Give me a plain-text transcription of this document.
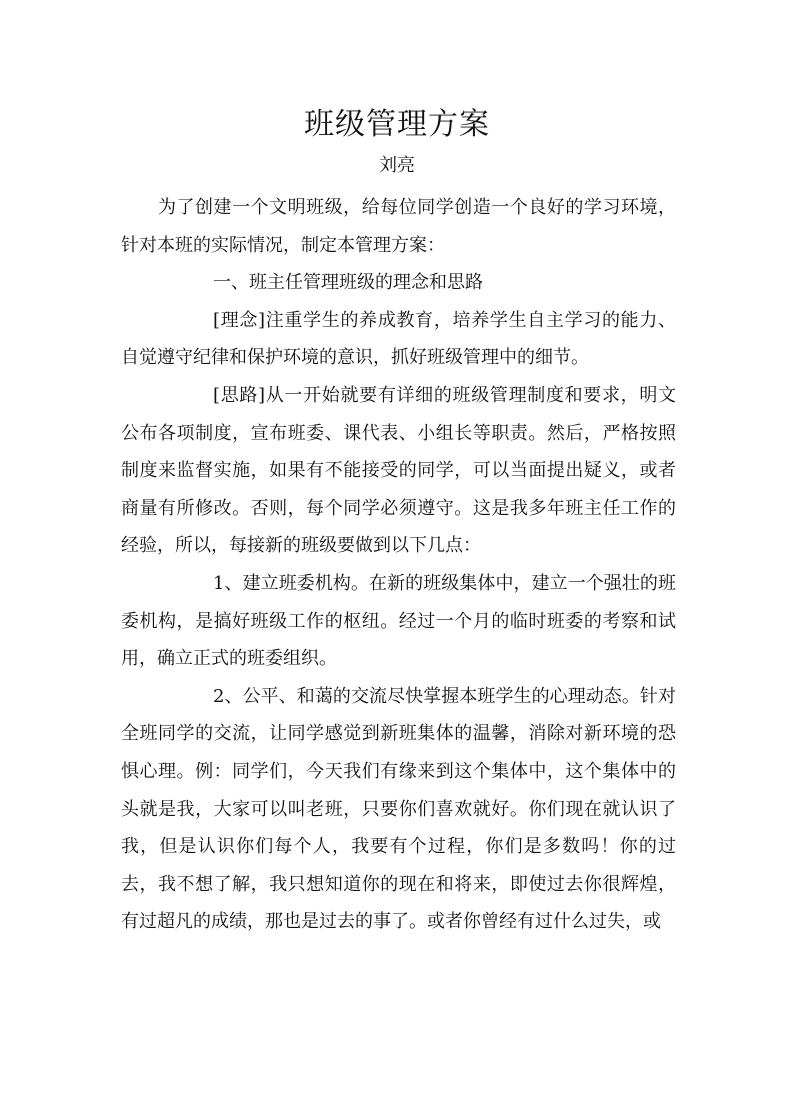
班级管理方案
刘亮

为了创建一个文明班级，给每位同学创造一个良好的学习环境，针对本班的实际情况，制定本管理方案：

一、班主任管理班级的理念和思路

[理念]注重学生的养成教育，培养学生自主学习的能力、自觉遵守纪律和保护环境的意识，抓好班级管理中的细节。

[思路]从一开始就要有详细的班级管理制度和要求，明文公布各项制度，宣布班委、课代表、小组长等职责。然后，严格按照制度来监督实施，如果有不能接受的同学，可以当面提出疑义，或者商量有所修改。否则，每个同学必须遵守。这是我多年班主任工作的经验，所以，每接新的班级要做到以下几点：

1、建立班委机构。在新的班级集体中，建立一个强壮的班委机构，是搞好班级工作的枢纽。经过一个月的临时班委的考察和试用，确立正式的班委组织。

2、公平、和蔼的交流尽快掌握本班学生的心理动态。针对全班同学的交流，让同学感觉到新班集体的温馨，消除对新环境的恐惧心理。例：同学们，今天我们有缘来到这个集体中，这个集体中的头就是我，大家可以叫老班，只要你们喜欢就好。你们现在就认识了我，但是认识你们每个人，我要有个过程，你们是多数吗！你的过去，我不想了解，我只想知道你的现在和将来，即使过去你很辉煌，有过超凡的成绩，那也是过去的事了。或者你曾经有过什么过失，或
